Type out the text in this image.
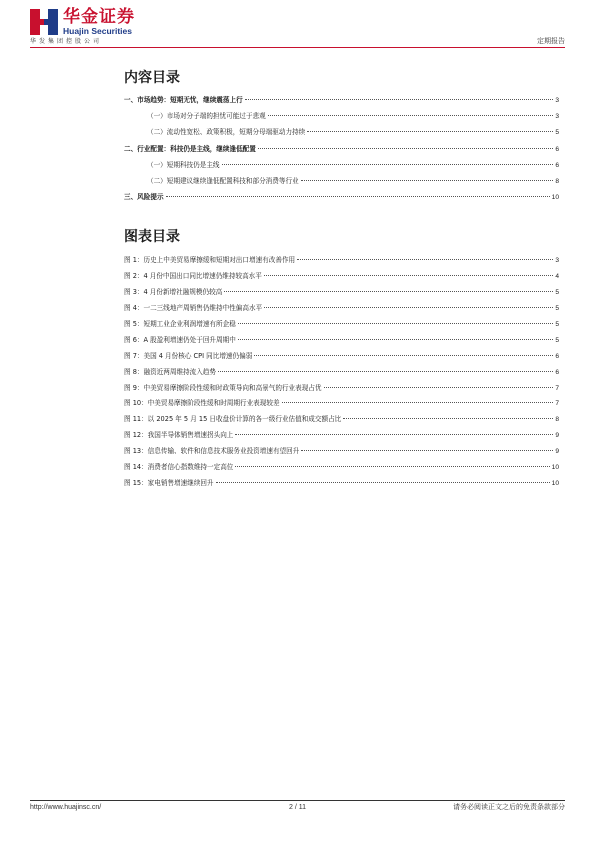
华金证券
Huajin Securities
华发集团控股公司	定期报告
内容目录
一、市场趋势：短期无忧，继续震荡上行	3
（一）市场对分子端的担忧可能过于悲观	3
（二）流动性宽松、政策积极，短期分母端驱动力持续	5
二、行业配置：科技仍是主线，继续逢低配置	6
（一）短期科技仍是主线	6
（二）短期建议继续逢低配置科技和部分消费等行业	8
三、风险提示	10
图表目录
图 1：历史上中美贸易摩擦缓和短期对出口增速有改善作用	3
图 2：4 月份中国出口同比增速仍维持较高水平	4
图 3：4 月份新增社融规模仍较高	5
图 4：一二三线地产周销售仍维持中性偏高水平	5
图 5：短期工业企业利润增速有所企稳	5
图 6：A 股盈利增速仍处于回升周期中	5
图 7：美国 4 月份核心 CPI 同比增速仍偏弱	6
图 8：融资近两周维持流入趋势	6
图 9：中美贸易摩擦阶段性缓和时政策导向和高景气的行业表现占优	7
图 10：中美贸易摩擦阶段性缓和时周期行业表现较差	7
图 11：以 2025 年 5 月 15 日收盘价计算的各一级行业估值和成交额占比	8
图 12：我国半导体销售增速拐头向上	9
图 13：信息传输、软件和信息技术服务业投资增速有望回升	9
图 14：消费者信心指数维持一定高位	10
图 15：家电销售增速继续回升	10
2 / 11
http://www.huajinsc.cn/	请务必阅读正文之后的免责条款部分
